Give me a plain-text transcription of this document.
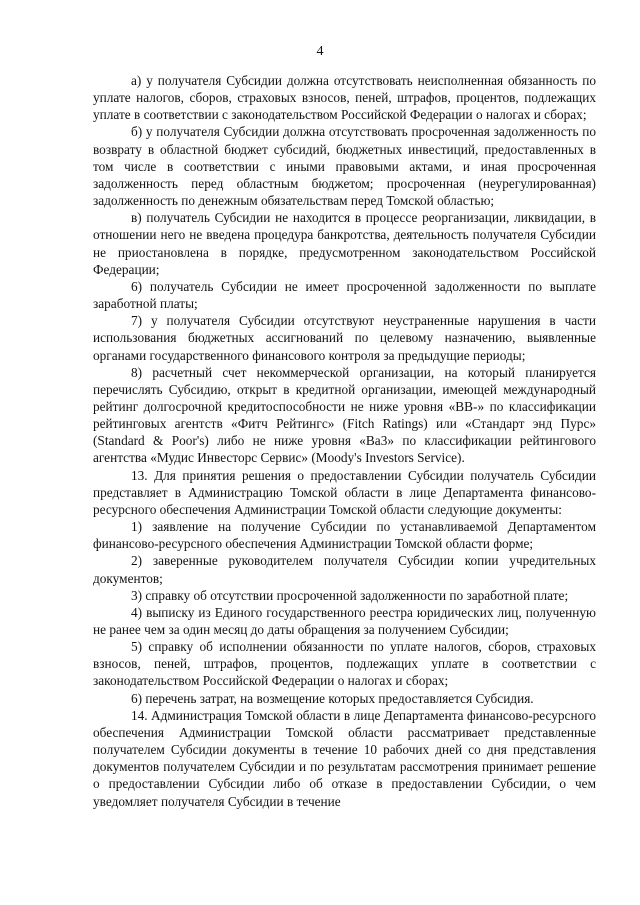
4

а) у получателя Субсидии должна отсутствовать неисполненная обязанность по уплате налогов, сборов, страховых взносов, пеней, штрафов, процентов, подлежащих уплате в соответствии с законодательством Российской Федерации о налогах и сборах;

б) у получателя Субсидии должна отсутствовать просроченная задолженность по возврату в областной бюджет субсидий, бюджетных инвестиций, предоставленных в том числе в соответствии с иными правовыми актами, и иная просроченная задолженность перед областным бюджетом; просроченная (неурегулированная) задолженность по денежным обязательствам перед Томской областью;

в) получатель Субсидии не находится в процессе реорганизации, ликвидации, в отношении него не введена процедура банкротства, деятельность получателя Субсидии не приостановлена в порядке, предусмотренном законодательством Российской Федерации;

6) получатель Субсидии не имеет просроченной задолженности по выплате заработной платы;

7) у получателя Субсидии отсутствуют неустраненные нарушения в части использования бюджетных ассигнований по целевому назначению, выявленные органами государственного финансового контроля за предыдущие периоды;

8) расчетный счет некоммерческой организации, на который планируется перечислять Субсидию, открыт в кредитной организации, имеющей международный рейтинг долгосрочной кредитоспособности не ниже уровня «BB-» по классификации рейтинговых агентств «Фитч Рейтингс» (Fitch Ratings) или «Стандарт энд Пурс» (Standard & Poor's) либо не ниже уровня «Ba3» по классификации рейтингового агентства «Мудис Инвесторс Сервис» (Moody's Investors Service).

13. Для принятия решения о предоставлении Субсидии получатель Субсидии представляет в Администрацию Томской области в лице Департамента финансово-ресурсного обеспечения Администрации Томской области следующие документы:

1) заявление на получение Субсидии по устанавливаемой Департаментом финансово-ресурсного обеспечения Администрации Томской области форме;

2) заверенные руководителем получателя Субсидии копии учредительных документов;

3) справку об отсутствии просроченной задолженности по заработной плате;

4) выписку из Единого государственного реестра юридических лиц, полученную не ранее чем за один месяц до даты обращения за получением Субсидии;

5) справку об исполнении обязанности по уплате налогов, сборов, страховых взносов, пеней, штрафов, процентов, подлежащих уплате в соответствии с законодательством Российской Федерации о налогах и сборах;

6) перечень затрат, на возмещение которых предоставляется Субсидия.

14. Администрация Томской области в лице Департамента финансово-ресурсного обеспечения Администрации Томской области рассматривает представленные получателем Субсидии документы в течение 10 рабочих дней со дня представления документов получателем Субсидии и по результатам рассмотрения принимает решение о предоставлении Субсидии либо об отказе в предоставлении Субсидии, о чем уведомляет получателя Субсидии в течение
